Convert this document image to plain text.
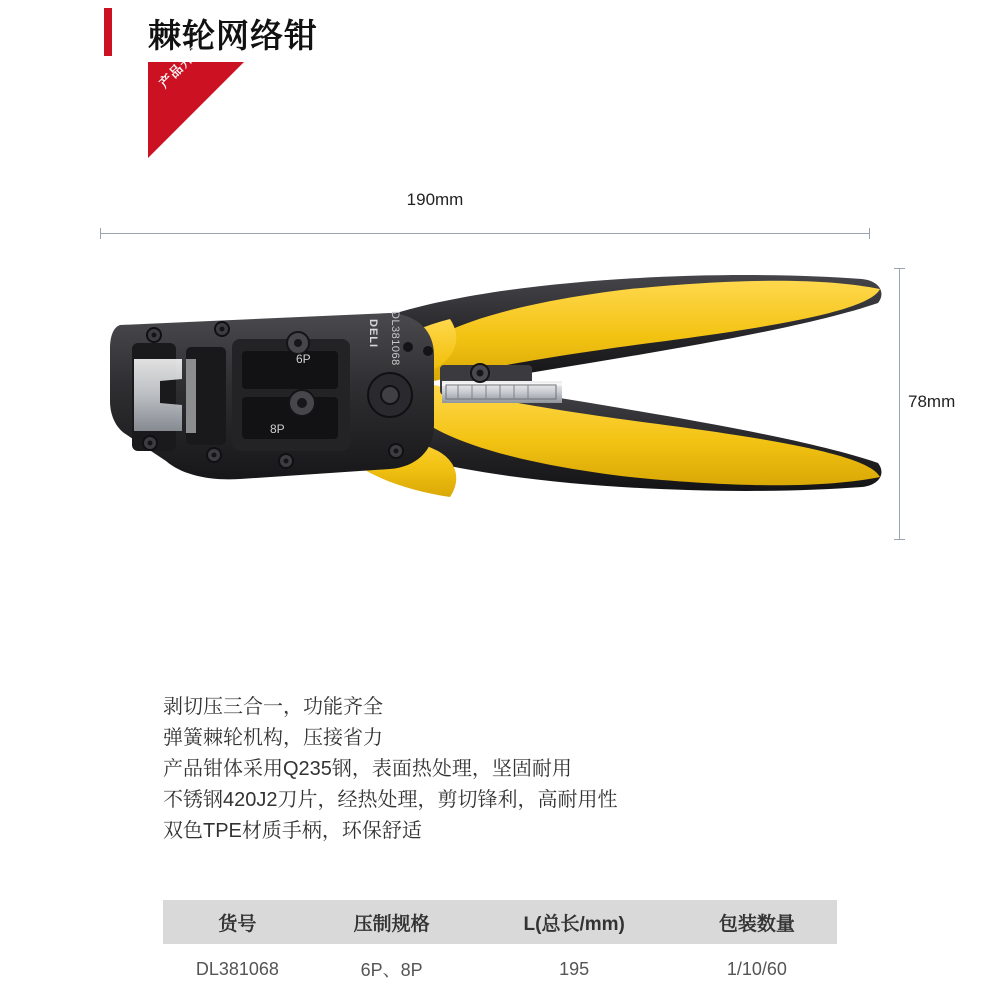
棘轮网络钳
产品升级
190mm
78mm
DELI DL381068
6P
8P
剥切压三合一，功能齐全
弹簧棘轮机构，压接省力
产品钳体采用Q235钢，表面热处理，坚固耐用
不锈钢420J2刀片，经热处理，剪切锋利，高耐用性
双色TPE材质手柄，环保舒适
货号	压制规格	L(总长/mm)	包装数量
DL381068	6P、8P	195	1/10/60
